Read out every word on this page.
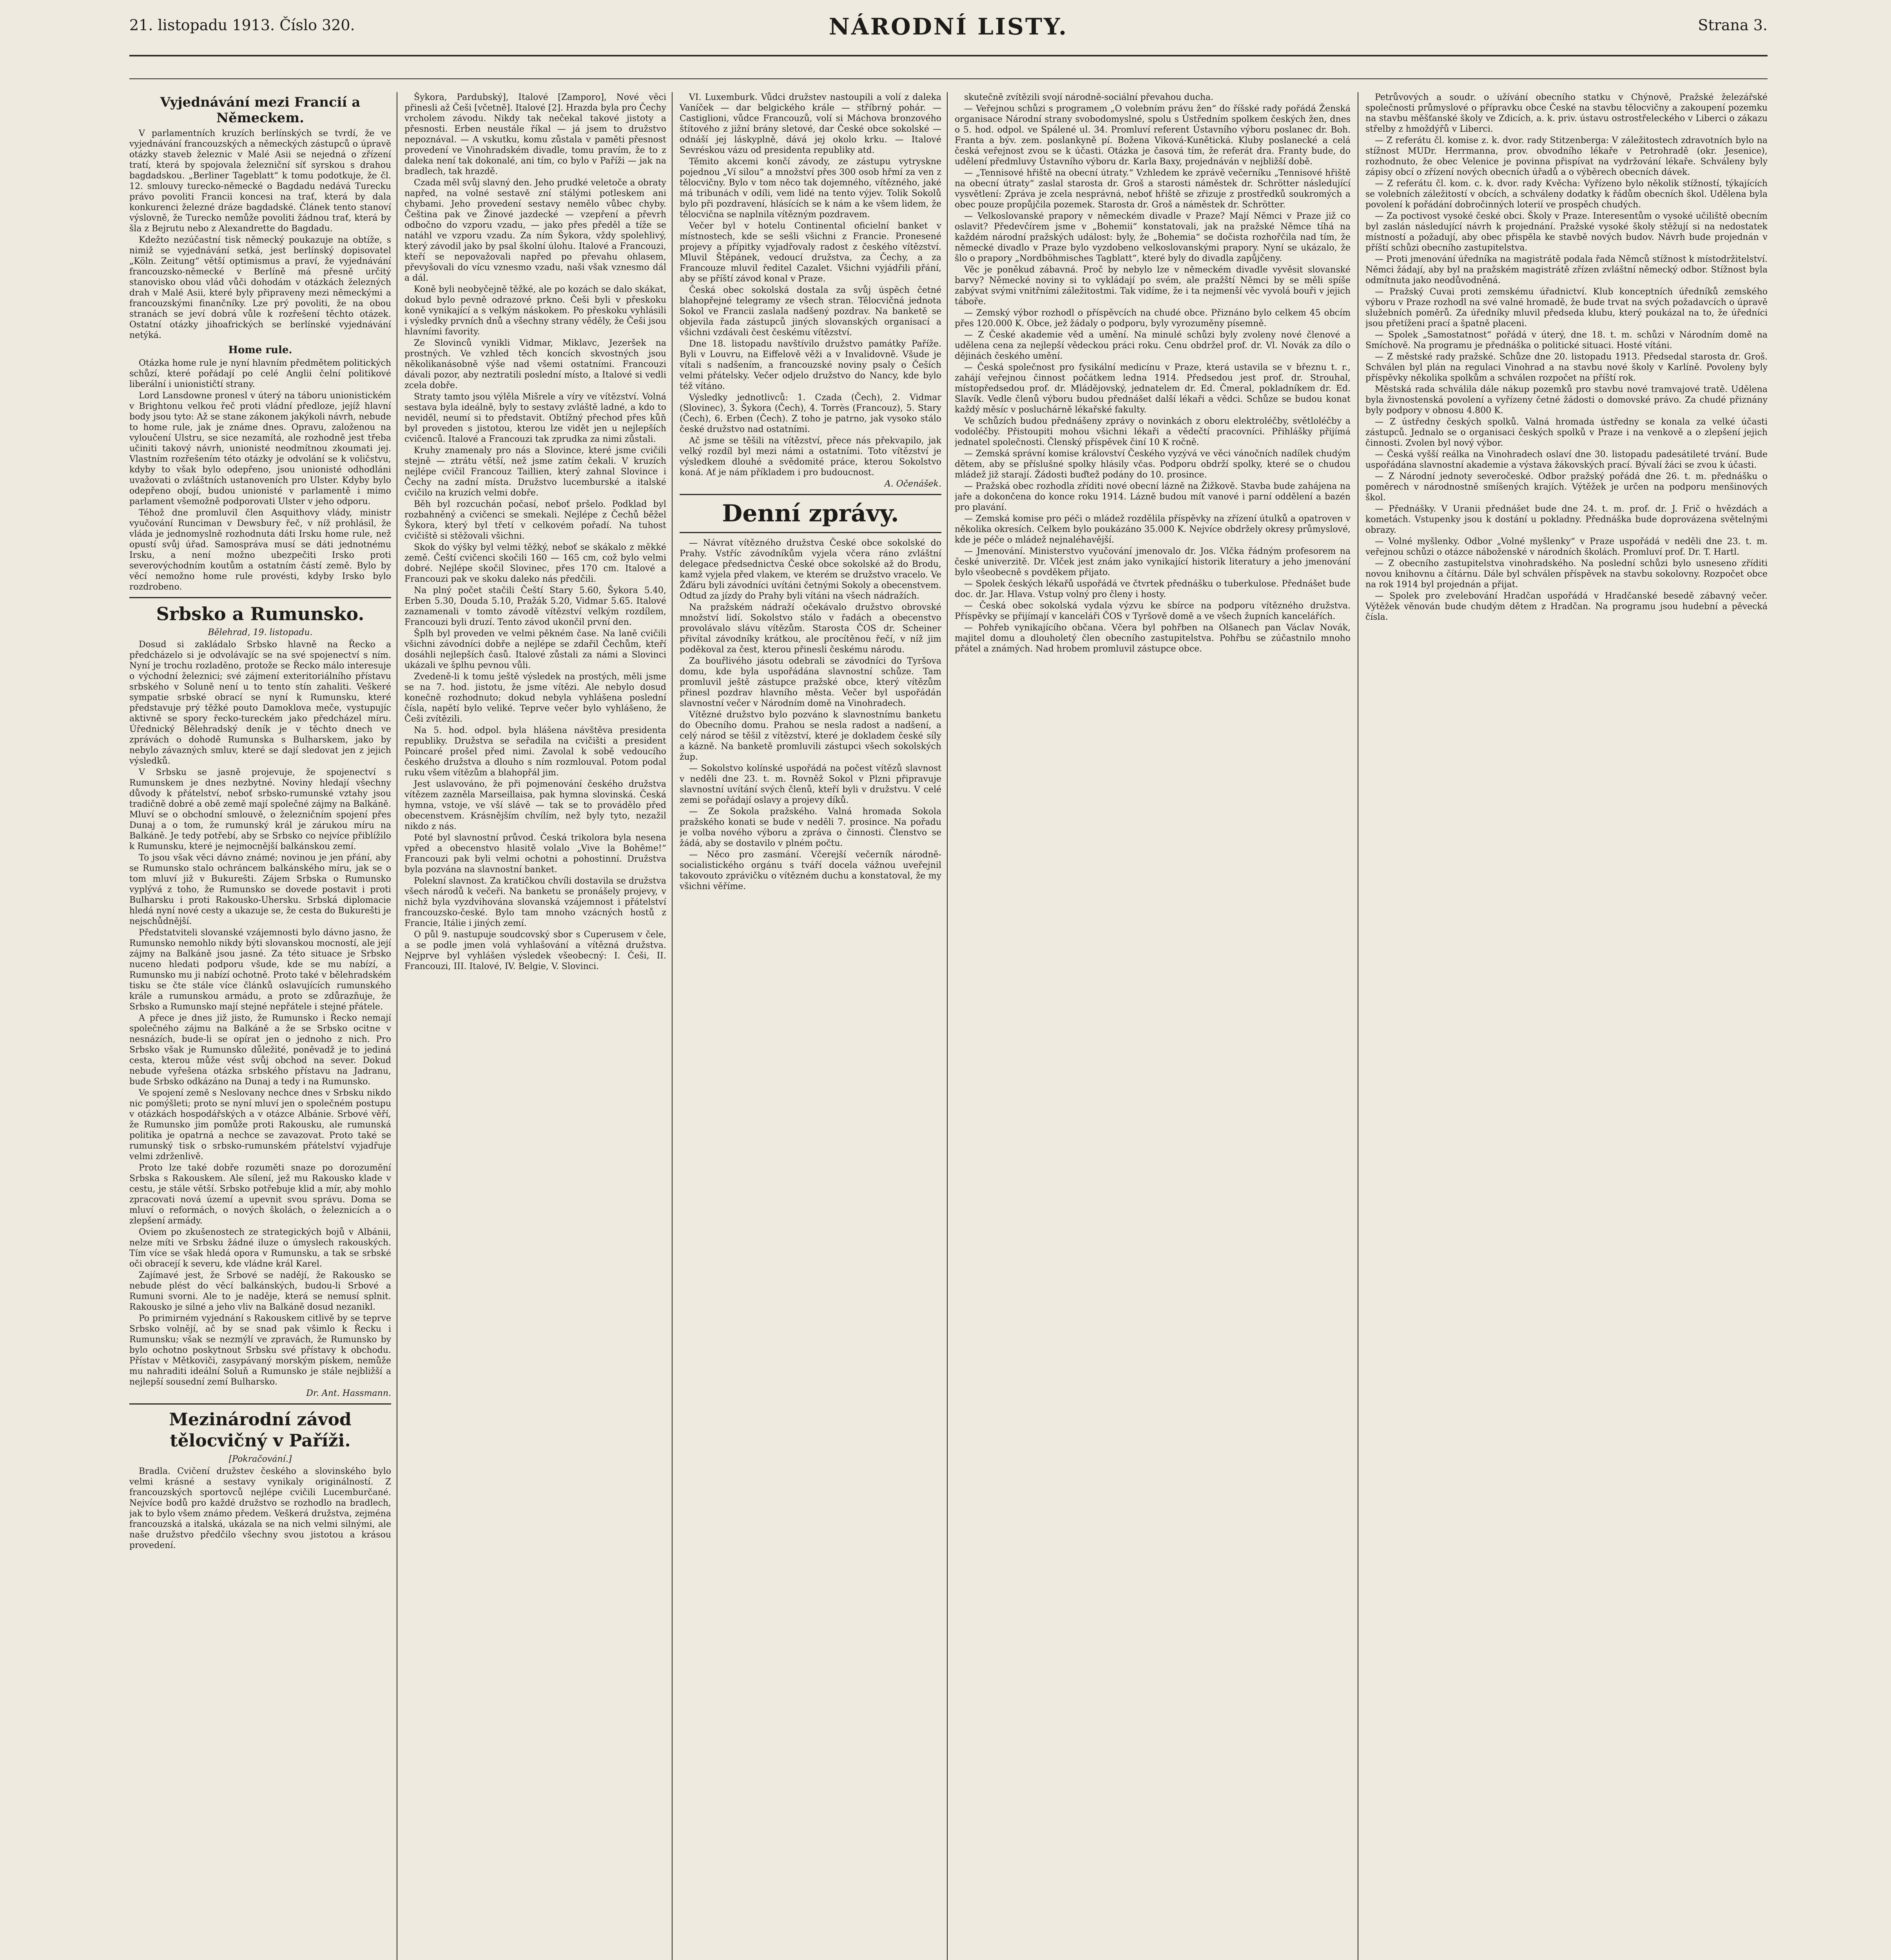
21. listopadu 1913. Číslo 320.	NÁRODNÍ LISTY.	Strana 3.
Vyjednávání mezi Francií a Německem.

V parlamentních kruzích berlínských se tvrdí, že ve vyjednávání francouzských a německých zástupců o úpravě otázky staveb železnic v Malé Asii se nejedná o zřízení tratí, která by spojovala železniční síť syrskou s drahou bagdadskou. „Berliner Tageblatt“ k tomu podotkuje, že čl. 12. smlouvy turecko-německé o Bagdadu nedává Turecku právo povoliti Francii koncesi na trať, která by dala konkurenci železné dráze bagdadské. Článek tento stanoví výslovně, že Turecko nemůže povoliti žádnou trať, která by šla z Bejrutu nebo z Alexandrette do Bagdadu.

Kdežto nezúčastní tisk německý poukazuje na obtíže, s nimiž se vyjednávání setká, jest berlínský dopisovatel „Köln. Zeitung“ větší optimismus a praví, že vyjednávání francouzsko-německé v Berlíně má přesně určitý stanovisko obou vlád vůči dohodám v otázkách železných drah v Malé Asii, které byly připraveny mezi německými a francouzskými finančníky. Lze prý povoliti, že na obou stranách se jeví dobrá vůle k rozřešení těchto otázek. Ostatní otázky jihoafrických se berlínské vyjednávání netýká.

Home rule.

Otázka home rule je nyní hlavním předmětem politických schůzí, které pořádají po celé Anglii čelní politikové liberální i unionističtí strany.

Lord Lansdowne pronesl v úterý na táboru unionistickém v Brightonu velkou řeč proti vládní předloze, jejíž hlavní body jsou tyto: Až se stane zákonem jakýkoli návrh, nebude to home rule, jak je známe dnes. Opravu, založenou na vyloučení Ulstru, se sice nezamítá, ale rozhodně jest třeba učiniti takový návrh, unionisté neodmítnou zkoumati jej. Vlastním rozřešením této otázky je odvolání se k voličstvu, kdyby to však bylo odepřeno, jsou unionisté odhodláni uvažovati o zvláštních ustanoveních pro Ulster. Kdyby bylo odepřeno obojí, budou unionisté v parlamentě i mimo parlament všemožně podporovati Ulster v jeho odporu.

Téhož dne promluvil člen Asquithovy vlády, ministr vyučování Runciman v Dewsbury řeč, v níž prohlásil, že vláda je jednomyslně rozhodnuta dáti Irsku home rule, než opustí svůj úřad. Samospráva musí se dáti jednotnému Irsku, a není možno ubezpečiti Irsko proti severovýchodním koutům a ostatním částí země. Bylo by věcí nemožno home rule provésti, kdyby Irsko bylo rozdrobeno.

Srbsko a Rumunsko.
Bělehrad, 19. listopadu.

Dosud si zakládalo Srbsko hlavně na Řecko a předcházelo si je odvolávajíc se na své spojenectví s ním. Nyní je trochu rozladěno, protože se Řecko málo interesuje o východní železnici; své zájmení exteritoriálního přístavu srbského v Soluně není u to tento stín zahaliti. Veškeré sympatie srbské obrací se nyní k Rumunsku, které představuje prý těžké pouto Damoklova meče, vystupujíc aktivně se spory řecko-tureckém jako předcházel míru. Úřednický Bělehradský deník je v těchto dnech ve zprávách o dohodě Rumunska s Bulharskem, jako by nebylo závazných smluv, které se dají sledovat jen z jejich výsledků.

V Srbsku se jasně projevuje, že spojenectví s Rumunskem je dnes nezbytné. Noviny hledají všechny důvody k přátelství, neboť srbsko-rumunské vztahy jsou tradičně dobré a obě země mají společné zájmy na Balkáně. Mluví se o obchodní smlouvě, o železničním spojení přes Dunaj a o tom, že rumunský král je zárukou míru na Balkáně. Je tedy potřebí, aby se Srbsko co nejvíce přiblížilo k Rumunsku, které je nejmocnější balkánskou zemí.

To jsou však věci dávno známé; novinou je jen přání, aby se Rumunsko stalo ochráncem balkánského míru, jak se o tom mluví již v Bukurešti. Zájem Srbska o Rumunsko vyplývá z toho, že Rumunsko se dovede postavit i proti Bulharsku i proti Rakousko-Uhersku. Srbská diplomacie hledá nyní nové cesty a ukazuje se, že cesta do Bukurešti je nejschůdnější.

Předstatviteli slovanské vzájemnosti bylo dávno jasno, že Rumunsko nemohlo nikdy býti slovanskou mocností, ale její zájmy na Balkáně jsou jasné. Za této situace je Srbsko nuceno hledati podporu všude, kde se mu nabízí, a Rumunsko mu ji nabízí ochotně. Proto také v bělehradském tisku se čte stále více článků oslavujících rumunského krále a rumunskou armádu, a proto se zdůrazňuje, že Srbsko a Rumunsko mají stejné nepřátele i stejné přátele.

A přece je dnes již jisto, že Rumunsko i Řecko nemají společného zájmu na Balkáně a že se Srbsko ocitne v nesnázích, bude-li se opírat jen o jednoho z nich. Pro Srbsko však je Rumunsko důležité, poněvadž je to jediná cesta, kterou může vést svůj obchod na sever. Dokud nebude vyřešena otázka srbského přístavu na Jadranu, bude Srbsko odkázáno na Dunaj a tedy i na Rumunsko.

Ve spojení země s Neslovany nechce dnes v Srbsku nikdo nic pomýšleti; proto se nyní mluví jen o společném postupu v otázkách hospodářských a v otázce Albánie. Srbové věří, že Rumunsko jim pomůže proti Rakousku, ale rumunská politika je opatrná a nechce se zavazovat. Proto také se rumunský tisk o srbsko-rumunském přátelství vyjadřuje velmi zdrženlivě.

Proto lze také dobře rozuměti snaze po dorozumění Srbska s Rakouskem. Ale sílení, jež mu Rakousko klade v cestu, je stále větší. Srbsko potřebuje klid a mír, aby mohlo zpracovati nová území a upevnit svou správu. Doma se mluví o reformách, o nových školách, o železnicích a o zlepšení armády.

Oviem po zkušenostech ze strategických bojů v Albánii, nelze míti ve Srbsku žádné iluze o úmyslech rakouských. Tím více se však hledá opora v Rumunsku, a tak se srbské oči obracejí k severu, kde vládne král Karel.

Zajímavé jest, že Srbové se nadějí, že Rakousko se nebude plést do věcí balkánských, budou-li Srbové a Rumuni svorni. Ale to je naděje, která se nemusí splnit. Rakousko je silné a jeho vliv na Balkáně dosud nezanikl.

Po primirném vyjednání s Rakouskem citlivě by se teprve Srbsko volnějí, ač by se snad pak všimlo k Řecku i Rumunsku; však se nezmýlí ve zpravách, že Rumunsko by bylo ochotno poskytnout Srbsku své přístavy k obchodu. Přístav v Mětkoviči, zasypávaný morským pískem, nemůže mu nahraditi ideální Soluň a Rumunsko je stále nejbližší a nejlepší sousední zemí Bulharsko.

Dr. Ant. Hassmann.
Mezinárodní závod tělocvičný v Paříži.
[Pokračování.]

Bradla. Cvičení družstev českého a slovinského bylo velmi krásné a sestavy vynikaly originálností. Z francouzských sportovců nejlépe cvičili Lucemburčané. Nejvíce bodů pro každé družstvo se rozhodlo na bradlech, jak to bylo všem známo předem. Veškerá družstva, zejména francouzská a italská, ukázala se na nich velmi silnými, ale naše družstvo předčilo všechny svou jistotou a krásou provedení.

Šykora, Pardubský], Italové [Zamporo], Nové věci přinesli až Češi [včetně]. Italové [2]. Hrazda byla pro Čechy vrcholem závodu. Nikdy tak nečekal takové jistoty a přesnosti. Erben neustále říkal — já jsem to družstvo nepoznával. — A vskutku, komu zůstala v paměti přesnost provedení ve Vinohradském divadle, tomu pravím, že to z daleka není tak dokonalé, ani tím, co bylo v Paříži — jak na bradlech, tak hrazdě.

Czada měl svůj slavný den. Jeho prudké veletoče a obraty napřed, na volné sestavě zní stálými potleskem ani chybami. Jeho provedení sestavy nemělo vůbec chyby. Čeština pak ve Žinové jazdecké — vzepření a převrh odbočno do vzporu vzadu, — jako přes předěl a tíže se natáhl ve vzporu vzadu. Za ním Šykora, vždy spolehlivý, který závodil jako by psal školní úlohu. Italové a Francouzi, kteří se nepovažovali napřed po převahu ohlasem, převyšovali do vícu vznesmo vzadu, naši však vznesmo dál a dál.

Koně byli neobyčejně těžké, ale po kozách se dalo skákat, dokud bylo pevně odrazové prkno. Češi byli v přeskoku koně vynikající a s velkým náskokem. Po přeskoku vyhlásili i výsledky prvních dnů a všechny strany věděly, že Češi jsou hlavními favority.

Ze Slovinců vynikli Vidmar, Miklavc, Jezeršek na prostných. Ve vzhled těch koncích skvostných jsou několikanásobně výše nad všemi ostatními. Francouzi dávali pozor, aby neztratili poslední místo, a Italové si vedli zcela dobře.

Straty tamto jsou výlěla Mišrele a víry ve vítězství. Volná sestava byla ideálně, byly to sestavy zvláště ladné, a kdo to neviděl, neumí si to představit. Obtížný přechod přes kůň byl proveden s jistotou, kterou lze vidět jen u nejlepších cvičenců. Italové a Francouzi tak zprudka za nimi zůstali.

Kruhy znamenaly pro nás a Slovince, které jsme cvičili stejně — ztrátu větší, než jsme zatím čekali. V kruzích nejlépe cvičil Francouz Taillien, který zahnal Slovince i Čechy na zadní místa. Družstvo lucemburské a italské cvičilo na kruzích velmi dobře.

Běh byl rozcuchán počasí, neboť pršelo. Podklad byl rozbahněný a cvičenci se smekali. Nejlépe z Čechů běžel Šykora, který byl třetí v celkovém pořadí. Na tuhost cvičiště si stěžovali všichni.

Skok do výšky byl velmi těžký, neboť se skákalo z měkké země. Čeští cvičenci skočili 160 — 165 cm, což bylo velmi dobré. Nejlépe skočil Slovinec, přes 170 cm. Italové a Francouzi pak ve skoku daleko nás předčili.

Na plný počet stačili Čeští Stary 5.60, Šykora 5.40, Erben 5.30, Douda 5.10, Pražák 5.20, Vidmar 5.65. Italové zaznamenali v tomto závodě vítězství velkým rozdílem, Francouzi byli druzí. Tento závod ukončil první den.

Šplh byl proveden ve velmi pěkném čase. Na laně cvičili všichni závodníci dobře a nejlépe se zdařil Čechům, kteří dosáhli nejlepších časů. Italové zůstali za námi a Slovinci ukázali ve šplhu pevnou vůli.

Zvedeně-li k tomu ještě výsledek na prostých, měli jsme se na 7. hod. jistotu, že jsme vítězi. Ale nebylo dosud konečně rozhodnuto; dokud nebyla vyhlášena poslední čísla, napětí bylo veliké. Teprve večer bylo vyhlášeno, že Češi zvítězili.

Na 5. hod. odpol. byla hlášena návštěva presidenta republiky. Družstva se seřadila na cvičišti a president Poincaré prošel před nimi. Zavolal k sobě vedoucího českého družstva a dlouho s ním rozmlouval. Potom podal ruku všem vítězům a blahopřál jim.

Jest uslavováno, že při pojmenování českého družstva vítězem zazněla Marseillaisa, pak hymna slovinská. Česká hymna, vstoje, ve vší slávě — tak se to provádělo před obecenstvem. Krásnějším chvílím, než byly tyto, nezažil nikdo z nás.

Poté byl slavnostní průvod. Česká trikolora byla nesena vpřed a obecenstvo hlasitě volalo „Vive la Bohême!“ Francouzi pak byli velmi ochotni a pohostinní. Družstva byla pozvána na slavnostní banket.

Polekní slavnost. Za kratičkou chvíli dostavila se družstva všech národů k večeři. Na banketu se pronášely projevy, v nichž byla vyzdvihována slovanská vzájemnost i přátelství francouzsko-české. Bylo tam mnoho vzácných hostů z Francie, Itálie i jiných zemí.

O půl 9. nastupuje soudcovský sbor s Cuperusem v čele, a se podle jmen volá vyhlašování a vítězná družstva. Nejprve byl vyhlášen výsledek všeobecný: I. Češi, II. Francouzi, III. Italové, IV. Belgie, V. Slovinci.

VI. Luxemburk. Vůdci družstev nastoupili a volí z daleka Vaníček — dar belgického krále — stříbrný pohár. — Castiglioni, vůdce Francouzů, volí si Máchova bronzového štítového z jižní brány sletové, dar České obce sokolské — odnáší jej láskyplně, dává jej okolo krku. — Italové Sevréskou vázu od presidenta republiky atd.

Těmito akcemi končí závody, ze zástupu vytryskne pojednou „Ví silou“ a množství přes 300 osob hřmí za ven z tělocvičny. Bylo v tom něco tak dojemného, vítězného, jaké má tribunách v odíli, vem lidé na tento výjev. Tolik Sokolů bylo při pozdravení, hlásících se k nám a ke všem lidem, že tělocvična se naplnila vítězným pozdravem.

Večer byl v hotelu Continental oficielní banket v místnostech, kde se sešli všichni z Francie. Pronesené projevy a přípitky vyjadřovaly radost z českého vítězství. Mluvil Štěpánek, vedoucí družstva, za Čechy, a za Francouze mluvil ředitel Cazalet. Všichni vyjádřili přání, aby se příští závod konal v Praze.

Česká obec sokolská dostala za svůj úspěch četné blahopřejné telegramy ze všech stran. Tělocvičná jednota Sokol ve Francii zaslala nadšený pozdrav. Na banketě se objevila řada zástupců jiných slovanských organisací a všichni vzdávali čest českému vítězství.

Dne 18. listopadu navštívilo družstvo památky Paříže. Byli v Louvru, na Eiffelově věži a v Invalidovně. Všude je vítali s nadšením, a francouzské noviny psaly o Češích velmi přátelsky. Večer odjelo družstvo do Nancy, kde bylo též vítáno.

Výsledky jednotlivců: 1. Czada (Čech), 2. Vidmar (Slovinec), 3. Šykora (Čech), 4. Torrès (Francouz), 5. Stary (Čech), 6. Erben (Čech). Z toho je patrno, jak vysoko stálo české družstvo nad ostatními.

Ač jsme se těšili na vítězství, přece nás překvapilo, jak velký rozdíl byl mezi námi a ostatními. Toto vítězství je výsledkem dlouhé a svědomité práce, kterou Sokolstvo koná. Ať je nám příkladem i pro budoucnost.

A. Očenášek.
Denní zprávy.

— Návrat vítězného družstva České obce sokolské do Prahy. Vstříc závodníkům vyjela včera ráno zvláštní delegace předsednictva České obce sokolské až do Brodu, kamž vyjela před vlakem, ve kterém se družstvo vracelo. Ve Žďáru byli závodníci uvítáni četnými Sokoly a obecenstvem. Odtud za jízdy do Prahy byli vítáni na všech nádražích.

Na pražském nádraží očekávalo družstvo obrovské množství lidí. Sokolstvo stálo v řadách a obecenstvo provolávalo slávu vítězům. Starosta ČOS dr. Scheiner přivítal závodníky krátkou, ale procítěnou řečí, v níž jim poděkoval za čest, kterou přinesli českému národu.

Za bouřlivého jásotu odebrali se závodníci do Tyršova domu, kde byla uspořádána slavnostní schůze. Tam promluvil ještě zástupce pražské obce, který vítězům přinesl pozdrav hlavního města. Večer byl uspořádán slavnostní večer v Národním domě na Vinohradech.

Vítězné družstvo bylo pozváno k slavnostnímu banketu do Obecního domu. Prahou se nesla radost a nadšení, a celý národ se těšil z vítězství, které je dokladem české síly a kázně. Na banketě promluvili zástupci všech sokolských žup.

— Sokolstvo kolínské uspořádá na počest vítězů slavnost v neděli dne 23. t. m. Rovněž Sokol v Plzni připravuje slavnostní uvítání svých členů, kteří byli v družstvu. V celé zemi se pořádají oslavy a projevy díků.

— Ze Sokola pražského. Valná hromada Sokola pražského konati se bude v neděli 7. prosince. Na pořadu je volba nového výboru a zpráva o činnosti. Členstvo se žádá, aby se dostavilo v plném počtu.

— Něco pro zasmání. Včerejší večerník národně-socialistického orgánu s tváří docela vážnou uveřejnil takovouto zprávičku o vítězném duchu a konstatoval, že my všichni věříme.

skutečně zvítězili svojí národně-sociální převahou ducha.

— Veřejnou schůzi s programem „O volebním právu žen“ do říšské rady pořádá Ženská organisace Národní strany svobodomyslné, spolu s Ústředním spolkem českých žen, dnes o 5. hod. odpol. ve Spálené ul. 34. Promluví referent Ústavního výboru poslanec dr. Boh. Franta a býv. zem. poslankyně pí. Božena Viková-Kunětická. Kluby poslanecké a celá česká veřejnost zvou se k účasti. Otázka je časová tím, že referát dra. Franty bude, do udělení předmluvy Ústavního výboru dr. Karla Baxy, projednáván v nejbližší době.

— „Tennisové hřiště na obecní útraty.“ Vzhledem ke zprávě večerníku „Tennisové hřiště na obecní útraty“ zaslal starosta dr. Groš a starosti náměstek dr. Schrötter následující vysvětlení: Zpráva je zcela nesprávná, neboť hřiště se zřizuje z prostředků soukromých a obec pouze propůjčila pozemek. Starosta dr. Groš a náměstek dr. Schrötter.

— Velkoslovanské prapory v německém divadle v Praze? Mají Němci v Praze již co oslavit? Předevčírem jsme v „Bohemii“ konstatovali, jak na pražské Němce tíhá na každém národní pražských událost: byly, že „Bohemia“ se dočista rozhořčila nad tím, že německé divadlo v Praze bylo vyzdobeno velkoslovanskými prapory. Nyní se ukázalo, že šlo o prapory „Nordböhmisches Tagblatt“, které byly do divadla zapůjčeny.

Věc je poněkud zábavná. Proč by nebylo lze v německém divadle vyvěsit slovanské barvy? Německé noviny si to vykládají po svém, ale pražští Němci by se měli spíše zabývat svými vnitřními záležitostmi. Tak vidíme, že i ta nejmenší věc vyvolá bouři v jejich táboře.

— Zemský výbor rozhodl o příspěvcích na chudé obce. Přiznáno bylo celkem 45 obcím přes 120.000 K. Obce, jež žádaly o podporu, byly vyrozuměny písemně.

— Z České akademie věd a umění. Na minulé schůzi byly zvoleny nové členové a udělena cena za nejlepší vědeckou práci roku. Cenu obdržel prof. dr. Vl. Novák za dílo o dějinách českého umění.

— Česká společnost pro fysikální medicínu v Praze, která ustavila se v březnu t. r., zahájí veřejnou činnost počátkem ledna 1914. Předsedou jest prof. dr. Strouhal, místopředsedou prof. dr. Mládějovský, jednatelem dr. Ed. Čmeral, pokladníkem dr. Ed. Slavík. Vedle členů výboru budou přednášet další lékaři a vědci. Schůze se budou konat každý měsíc v posluchárně lékařské fakulty.

Ve schůzích budou přednášeny zprávy o novinkách z oboru elektroléčby, světloléčby a vodoléčby. Přistoupiti mohou všichni lékaři a vědečtí pracovníci. Přihlášky přijímá jednatel společnosti. Členský příspěvek činí 10 K ročně.

— Zemská správní komise království Českého vyzývá ve věci vánočních nadílek chudým dětem, aby se příslušné spolky hlásily včas. Podporu obdrží spolky, které se o chudou mládež již starají. Žádosti buďtež podány do 10. prosince.

— Pražská obec rozhodla zříditi nové obecní lázně na Žižkově. Stavba bude zahájena na jaře a dokončena do konce roku 1914. Lázně budou mít vanové i parní oddělení a bazén pro plavání.

— Zemská komise pro péči o mládež rozdělila příspěvky na zřízení útulků a opatroven v několika okresích. Celkem bylo poukázáno 35.000 K. Nejvíce obdržely okresy průmyslové, kde je péče o mládež nejnaléhavější.

— Jmenování. Ministerstvo vyučování jmenovalo dr. Jos. Vlčka řádným profesorem na české univerzitě. Dr. Vlček jest znám jako vynikající historik literatury a jeho jmenování bylo všeobecně s povděkem přijato.

— Spolek českých lékařů uspořádá ve čtvrtek přednášku o tuberkulose. Přednášet bude doc. dr. Jar. Hlava. Vstup volný pro členy i hosty.

— Česká obec sokolská vydala výzvu ke sbírce na podporu vítězného družstva. Příspěvky se přijímají v kanceláři ČOS v Tyršově domě a ve všech župních kancelářích.

— Pohřeb vynikajícího občana. Včera byl pohřben na Olšanech pan Václav Novák, majitel domu a dlouholetý člen obecního zastupitelstva. Pohřbu se zúčastnilo mnoho přátel a známých. Nad hrobem promluvil zástupce obce.

Petrůvových a soudr. o užívání obecního statku v Chýnově, Pražské železářské společnosti průmyslové o přípravku obce České na stavbu tělocvičny a zakoupení pozemku na stavbu měšťanské školy ve Zdicích, a. k. priv. ústavu ostrostřeleckého v Liberci o zákazu střelby z hmoždýřů v Liberci.

— Z referátu čl. komise z. k. dvor. rady Stitzenberga: V záležitostech zdravotních bylo na stížnost MUDr. Herrmanna, prov. obvodního lékaře v Petrohradě (okr. Jesenice), rozhodnuto, že obec Velenice je povinna přispívat na vydržování lékaře. Schváleny byly zápisy obcí o zřízení nových obecních úřadů a o výběrech obecních dávek.

— Z referátu čl. kom. c. k. dvor. rady Kvěcha: Vyřízeno bylo několik stížností, týkajících se volebních záležitostí v obcích, a schváleny dodatky k řádům obecních škol. Udělena byla povolení k pořádání dobročinných loterií ve prospěch chudých.

— Za poctivost vysoké české obci. Školy v Praze. Interesentům o vysoké učiliště obecním byl zaslán následující návrh k projednání. Pražské vysoké školy stěžují si na nedostatek místností a požadují, aby obec přispěla ke stavbě nových budov. Návrh bude projednán v příští schůzi obecního zastupitelstva.

— Proti jmenování úředníka na magistrátě podala řada Němců stížnost k místodržitelství. Němci žádají, aby byl na pražském magistrátě zřízen zvláštní německý odbor. Stížnost byla odmítnuta jako neodůvodněná.

— Pražský Cuvai proti zemskému úřadnictví. Klub konceptních úředníků zemského výboru v Praze rozhodl na své valné hromadě, že bude trvat na svých požadavcích o úpravě služebních poměrů. Za úředníky mluvil předseda klubu, který poukázal na to, že úředníci jsou přetíženi prací a špatně placeni.

— Spolek „Samostatnost“ pořádá v úterý, dne 18. t. m. schůzi v Národním domě na Smíchově. Na programu je přednáška o politické situaci. Hosté vítáni.

— Z městské rady pražské. Schůze dne 20. listopadu 1913. Předsedal starosta dr. Groš. Schválen byl plán na regulaci Vinohrad a na stavbu nové školy v Karlíně. Povoleny byly příspěvky několika spolkům a schválen rozpočet na příští rok.

Městská rada schválila dále nákup pozemků pro stavbu nové tramvajové tratě. Udělena byla živnostenská povolení a vyřízeny četné žádosti o domovské právo. Za chudé přiznány byly podpory v obnosu 4.800 K.

— Z ústředny českých spolků. Valná hromada ústředny se konala za velké účasti zástupců. Jednalo se o organisaci českých spolků v Praze i na venkově a o zlepšení jejich činnosti. Zvolen byl nový výbor.

— Česká vyšší reálka na Vinohradech oslaví dne 30. listopadu padesátileté trvání. Bude uspořádána slavnostní akademie a výstava žákovských prací. Bývalí žáci se zvou k účasti.

— Z Národní jednoty severočeské. Odbor pražský pořádá dne 26. t. m. přednášku o poměrech v národnostně smíšených krajích. Výtěžek je určen na podporu menšinových škol.

— Přednášky. V Uranii přednášet bude dne 24. t. m. prof. dr. J. Frič o hvězdách a kometách. Vstupenky jsou k dostání u pokladny. Přednáška bude doprovázena světelnými obrazy.

— Volné myšlenky. Odbor „Volné myšlenky“ v Praze uspořádá v neděli dne 23. t. m. veřejnou schůzi o otázce náboženské v národních školách. Promluví prof. Dr. T. Hartl.

— Z obecního zastupitelstva vinohradského. Na poslední schůzi bylo usneseno zříditi novou knihovnu a čítárnu. Dále byl schválen příspěvek na stavbu sokolovny. Rozpočet obce na rok 1914 byl projednán a přijat.

— Spolek pro zvelebování Hradčan uspořádá v Hradčanské besedě zábavný večer. Výtěžek věnován bude chudým dětem z Hradčan. Na programu jsou hudební a pěvecká čísla.
